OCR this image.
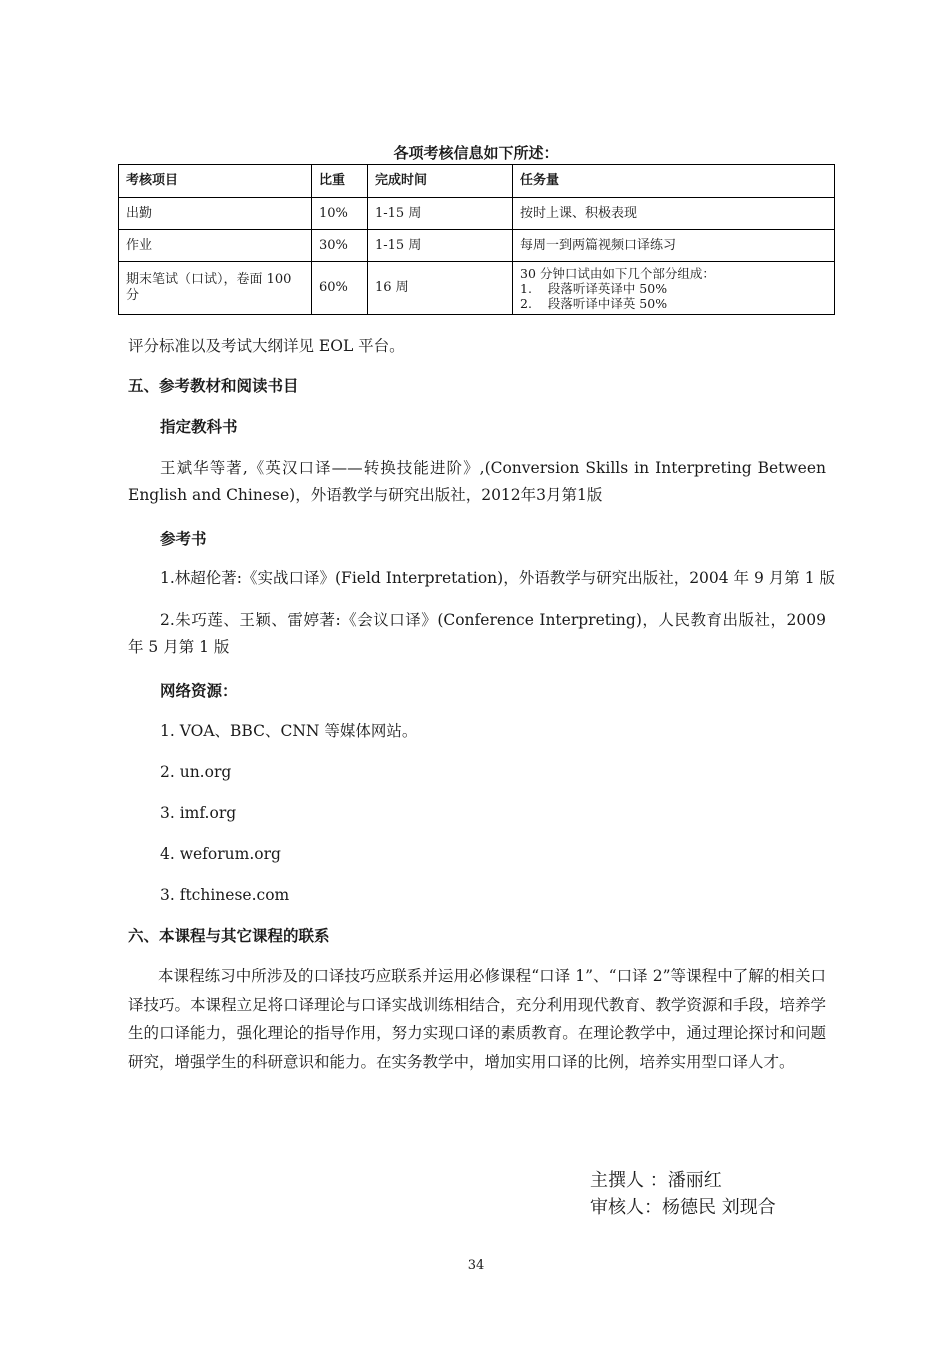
各项考核信息如下所述：
考核项目	比重	完成时间	任务量
出勤	10%	1-15 周	按时上课、积极表现
作业	30%	1-15 周	每周一到两篇视频口译练习
期末笔试（口试），卷面 100 分	60%	16 周	30 分钟口试由如下几个部分组成：
1.    段落听译英译中 50%
2.    段落听译中译英 50%
评分标准以及考试大纲详见 EOL 平台。
五、参考教材和阅读书目
指定教科书
王斌华等著,《英汉口译——转换技能进阶》,(Conversion Skills in Interpreting Between English and Chinese)，外语教学与研究出版社，2012年3月第1版
参考书
1.林超伦著:《实战口译》(Field Interpretation)，外语教学与研究出版社，2004 年 9 月第 1 版
2.朱巧莲、王颖、雷婷著:《会议口译》(Conference Interpreting)，人民教育出版社，2009 年 5 月第 1 版
网络资源：
1. VOA、BBC、CNN 等媒体网站。
2. un.org
3. imf.org
4. weforum.org
3. ftchinese.com
六、本课程与其它课程的联系
本课程练习中所涉及的口译技巧应联系并运用必修课程“口译 1”、“口译 2”等课程中了解的相关口译技巧。本课程立足将口译理论与口译实战训练相结合，充分利用现代教育、教学资源和手段，培养学生的口译能力，强化理论的指导作用，努力实现口译的素质教育。在理论教学中，通过理论探讨和问题研究，增强学生的科研意识和能力。在实务教学中，增加实用口译的比例，培养实用型口译人才。
主撰人 ：潘丽红
审核人：杨德民 刘现合
34
